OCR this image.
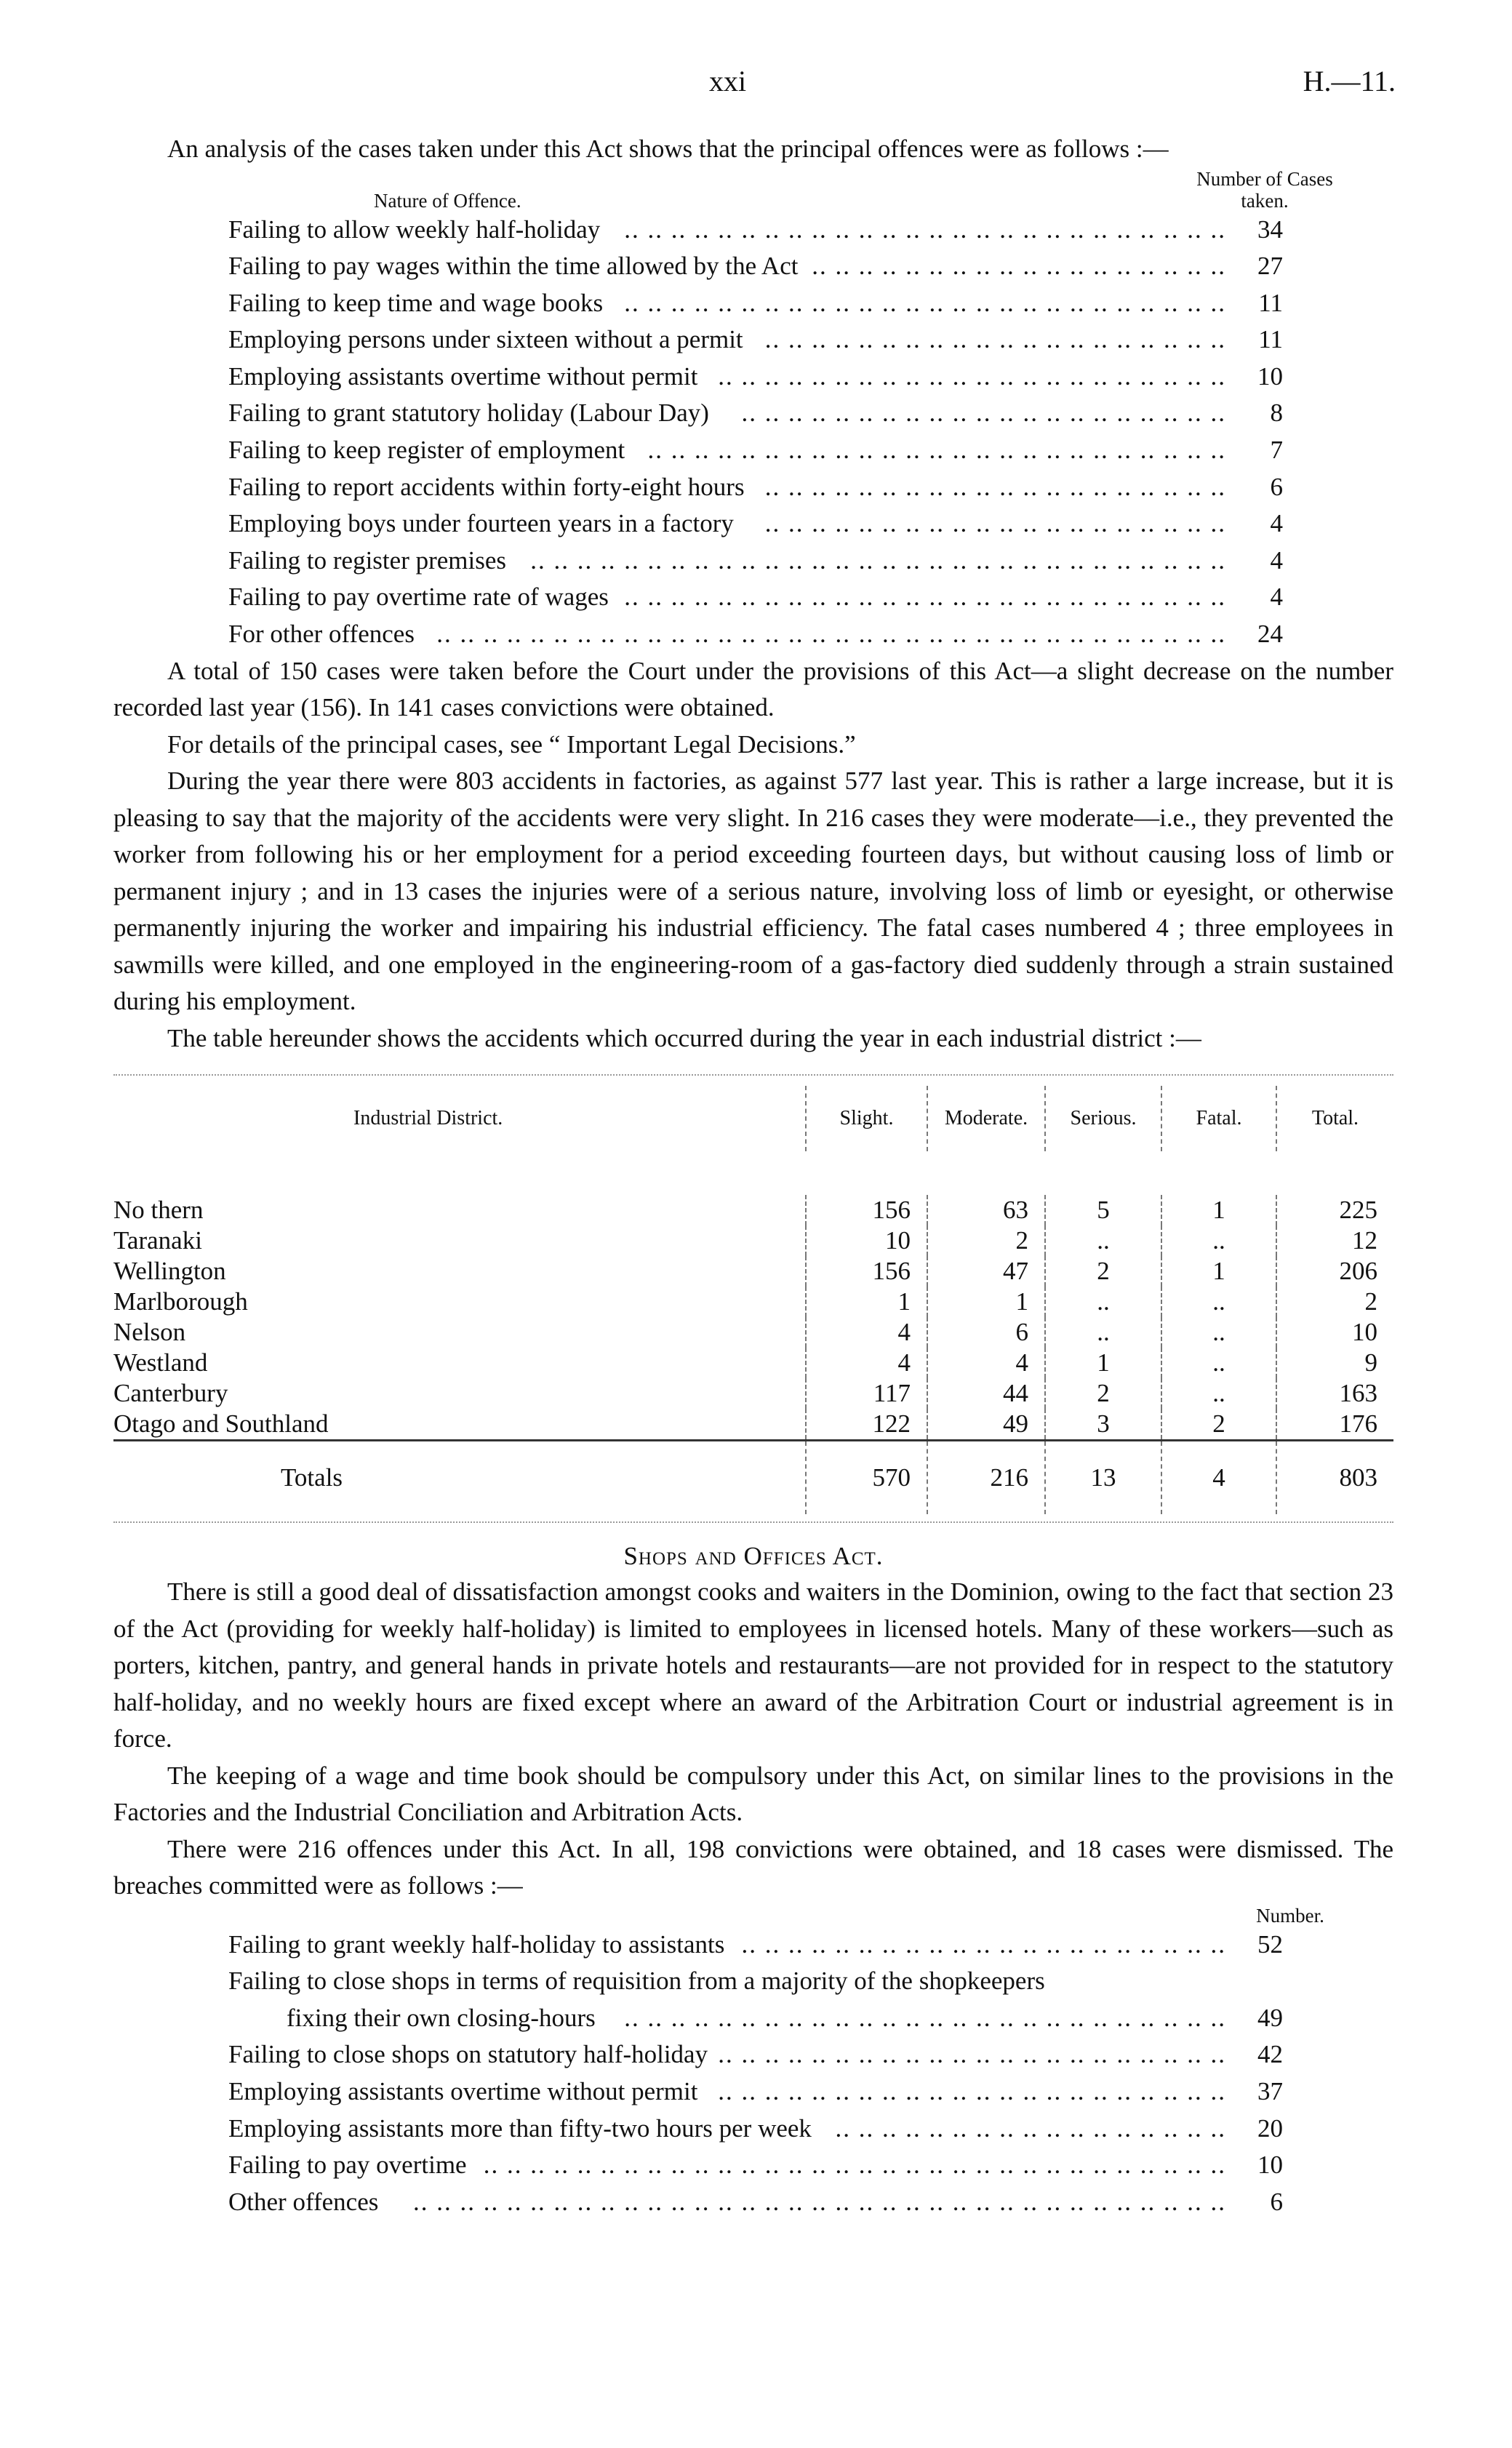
xxi	H.—11.

An analysis of the cases taken under this Act shows that the principal offences were as follows :—

Nature of Offence.
Number of Cases taken.
Failing to allow weekly half-holiday .. .. .. .. .. .. .. .. .. .. .. .. .. .. .. .. .. .. .. .. .. .. .. .. .. ..	34
Failing to pay wages within the time allowed by the Act .. .. .. .. .. .. .. .. .. .. .. .. .. .. .. .. .. ..	27
Failing to keep time and wage books .. .. .. .. .. .. .. .. .. .. .. .. .. .. .. .. .. .. .. .. .. .. .. .. .. ..	11
Employing persons under sixteen without a permit .. .. .. .. .. .. .. .. .. .. .. .. .. .. .. .. .. .. .. ..	11
Employing assistants overtime without permit .. .. .. .. .. .. .. .. .. .. .. .. .. .. .. .. .. .. .. .. .. ..	10
Failing to grant statutory holiday (Labour Day)	.. .. .. .. .. .. .. .. .. .. .. .. .. .. .. .. .. .. .. .. ..	8
Failing to keep register of employment .. .. .. .. .. .. .. .. .. .. .. .. .. .. .. .. .. .. .. .. .. .. .. .. ..	7
Failing to report accidents within forty-eight hours .. .. .. .. .. .. .. .. .. .. .. .. .. .. .. .. .. .. .. ..	6
Employing boys under fourteen years in a factory	.. .. .. .. .. .. .. .. .. .. .. .. .. .. .. .. .. .. .. ..	4
Failing to register premises .. .. .. .. .. .. .. .. .. .. .. .. .. .. .. .. .. .. .. .. .. .. .. .. .. .. .. .. .. ..	4
Failing to pay overtime rate of wages .. .. .. .. .. .. .. .. .. .. .. .. .. .. .. .. .. .. .. .. .. .. .. .. .. ..	4
For other offences .. .. .. .. .. .. .. .. .. .. .. .. .. .. .. .. .. .. .. .. .. .. .. .. .. .. .. .. .. .. .. .. .. ..	24

A total of 150 cases were taken before the Court under the provisions of this Act—a slight decrease on the number recorded last year (156). In 141 cases convictions were obtained.

For details of the principal cases, see “ Important Legal Decisions.”

During the year there were 803 accidents in factories, as against 577 last year. This is rather a large increase, but it is pleasing to say that the majority of the accidents were very slight. In 216 cases they were moderate—i.e., they prevented the worker from following his or her employment for a period exceeding fourteen days, but without causing loss of limb or permanent injury ; and in 13 cases the injuries were of a serious nature, involving loss of limb or eyesight, or otherwise permanently injuring the worker and impairing his industrial efficiency. The fatal cases numbered 4 ; three employees in sawmills were killed, and one employed in the engineering-room of a gas-factory died suddenly through a strain sustained during his employment.

The table hereunder shows the accidents which occurred during the year in each industrial district :—

Industrial District.	Slight.	Moderate.	Serious.	Fatal.	Total.

No thern	156	63	5	1	225
Taranaki	10	2	..	..	12
Wellington	156	47	2	1	206
Marlborough	1	1	..	..	2
Nelson	4	6	..	..	10
Westland	4	4	1	..	9
Canterbury	117	44	2	..	163
Otago and Southland	122	49	3	2	176
Totals	570	216	13	4	803
Shops and Offices Act.

There is still a good deal of dissatisfaction amongst cooks and waiters in the Dominion, owing to the fact that section 23 of the Act (providing for weekly half-holiday) is limited to employees in licensed hotels. Many of these workers—such as porters, kitchen, pantry, and general hands in private hotels and restaurants—are not provided for in respect to the statutory half-holiday, and no weekly hours are fixed except where an award of the Arbitration Court or industrial agreement is in force.

The keeping of a wage and time book should be compulsory under this Act, on similar lines to the provisions in the Factories and the Industrial Conciliation and Arbitration Acts.

There were 216 offences under this Act. In all, 198 convictions were obtained, and 18 cases were dismissed. The breaches committed were as follows :—

Number.
Failing to grant weekly half-holiday to assistants .. .. .. .. .. .. .. .. .. .. .. .. .. .. .. .. .. .. .. .. ..	52
Failing to close shops in terms of requisition from a majority of the shopkeepers
fixing their own closing-hours	.. .. .. .. .. .. .. .. .. .. .. .. .. .. .. .. .. .. .. .. .. .. .. .. .. ..	49
Failing to close shops on statutory half-holiday .. .. .. .. .. .. .. .. .. .. .. .. .. .. .. .. .. .. .. .. .. ..	42
Employing assistants overtime without permit .. .. .. .. .. .. .. .. .. .. .. .. .. .. .. .. .. .. .. .. .. ..	37
Employing assistants more than fifty-two hours per week .. .. .. .. .. .. .. .. .. .. .. .. .. .. .. .. ..	20
Failing to pay overtime .. .. .. .. .. .. .. .. .. .. .. .. .. .. .. .. .. .. .. .. .. .. .. .. .. .. .. .. .. .. .. ..	10
Other offences	.. .. .. .. .. .. .. .. .. .. .. .. .. .. .. .. .. .. .. .. .. .. .. .. .. .. .. .. .. .. .. .. .. .. ..	6
